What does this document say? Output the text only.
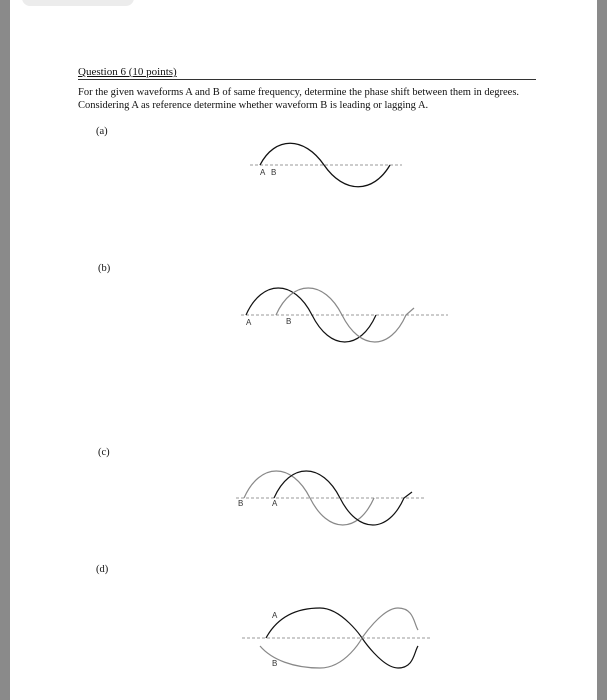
Question 6 (10 points)
For the given waveforms A and B of same frequency, determine the phase shift between them in degrees. Considering A as reference determine whether waveform B is leading or lagging A.
(a)
A B
(b)
A	B
(c)
B	A
(d)
A
B
